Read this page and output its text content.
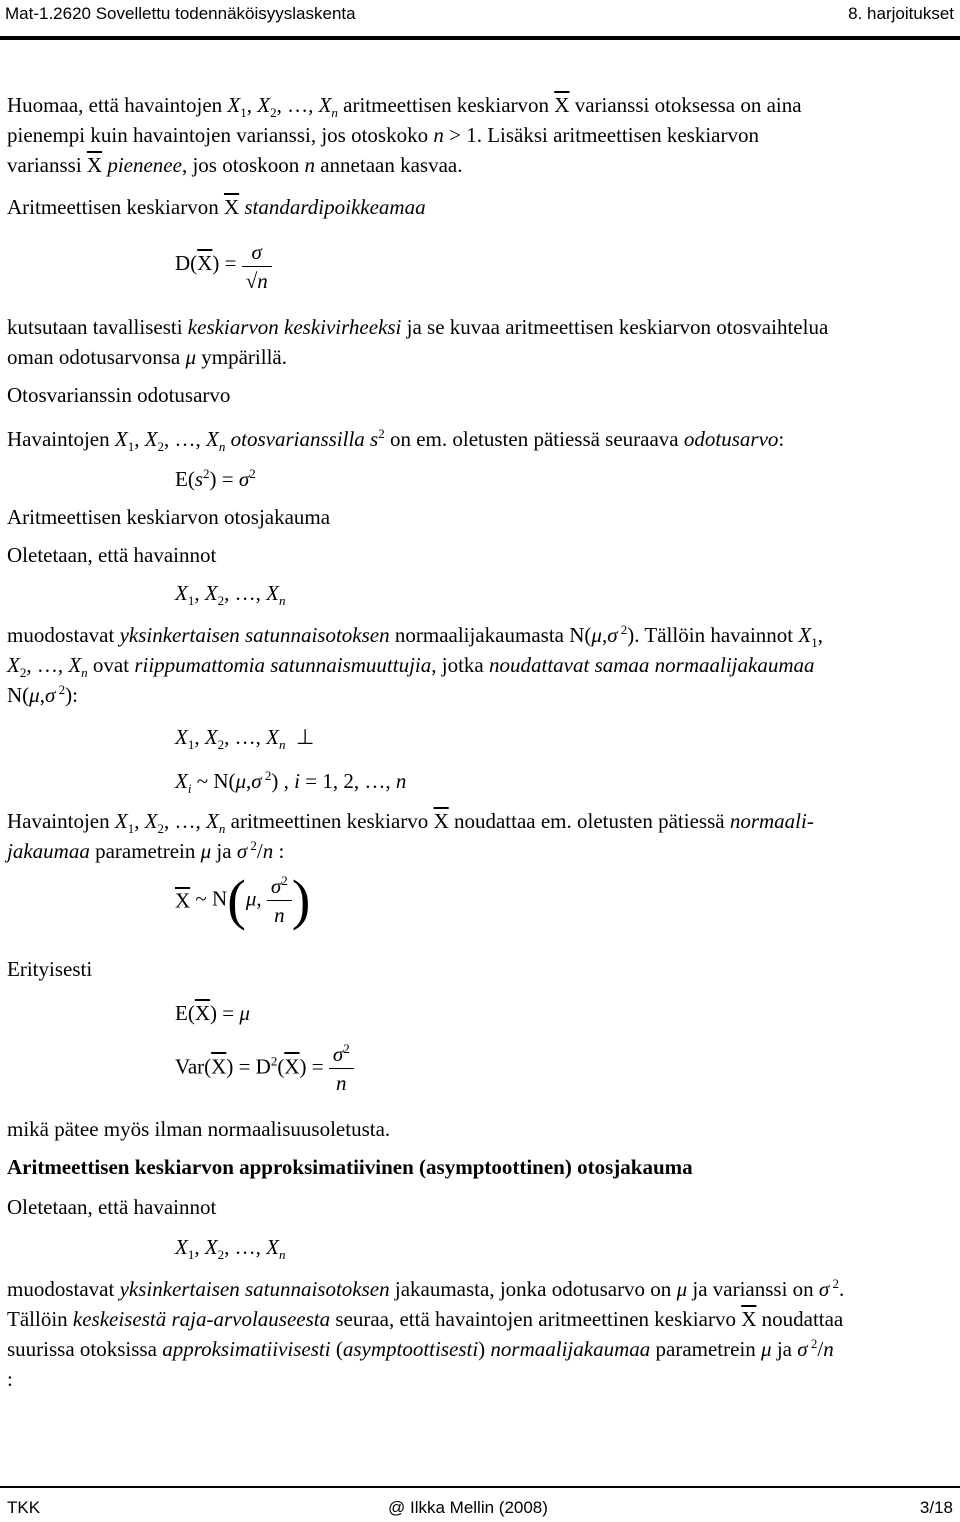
Mat-1.2620 Sovellettu todennäköisyyslaskenta	8. harjoitukset

Huomaa, että havaintojen $X_1$, $X_2$, …, $X_n$ aritmeettisen keskiarvon $\overline{X}$ varianssi otoksessa on aina

pienempi kuin havaintojen varianssi, jos otoskoko n > 1. Lisäksi aritmeettisen keskiarvon

varianssi $\overline{X}$ pienenee, jos otoskoon n annetaan kasvaa.

Aritmeettisen keskiarvon $\overline{X}$ standardipoikkeamaa

$D(\overline{X}) = \frac{\sigma}{√n}$

kutsutaan tavallisesti keskiarvon keskivirheeksi ja se kuvaa aritmeettisen keskiarvon otosvaihtelua

oman odotusarvonsa μ ympärillä.

Otosvarianssin odotusarvo

Havaintojen $X_1$, $X_2$, …, $X_n$ otosvarianssilla $s^2$ on em. oletusten pätiessä seuraava odotusarvo:

$E(s^2) = \sigma^2$

Aritmeettisen keskiarvon otosjakauma

Oletetaan, että havainnot

$X_1$, $X_2$, …, $X_n$

muodostavat yksinkertaisen satunnaisotoksen normaalijakaumasta N(μ,σ $^2$). Tällöin havainnot $X_1$,

$X_2$, …, $X_n$ ovat riippumattomia satunnaismuuttujia, jotka noudattavat samaa normaalijakaumaa

N(μ,σ $^2$):

$X_1$, $X_2$, …, $X_n$  ⊥
$X_i$ ~ N(μ,σ $^2$) , i = 1, 2, …, n

Havaintojen $X_1$, $X_2$, …, $X_n$ aritmeettinen keskiarvo $\overline{X}$ noudattaa em. oletusten pätiessä normaali-

jakaumaa parametrein μ ja σ $^2$/n :

$\overline{X}$ ~ N(μ, $\frac{\sigma^2}{n}$ )

Erityisesti

$E(\overline{X}) = \mu$
$Var(\overline{X}) = D^2(\overline{X}) = \frac{\sigma^2}{n}$

mikä pätee myös ilman normaalisuusoletusta.

Aritmeettisen keskiarvon approksimatiivinen (asymptoottinen) otosjakauma

Oletetaan, että havainnot

$X_1$, $X_2$, …, $X_n$

muodostavat yksinkertaisen satunnaisotoksen jakaumasta, jonka odotusarvo on μ ja varianssi on σ $^2$.

Tällöin keskeisestä raja-arvolauseesta seuraa, että havaintojen aritmeettinen keskiarvo $\overline{X}$ noudattaa

suurissa otoksissa approksimatiivisesti (asymptoottisesti) normaalijakaumaa parametrein μ ja σ $^2$/n

:

TKK	@ Ilkka Mellin (2008)	3/18
